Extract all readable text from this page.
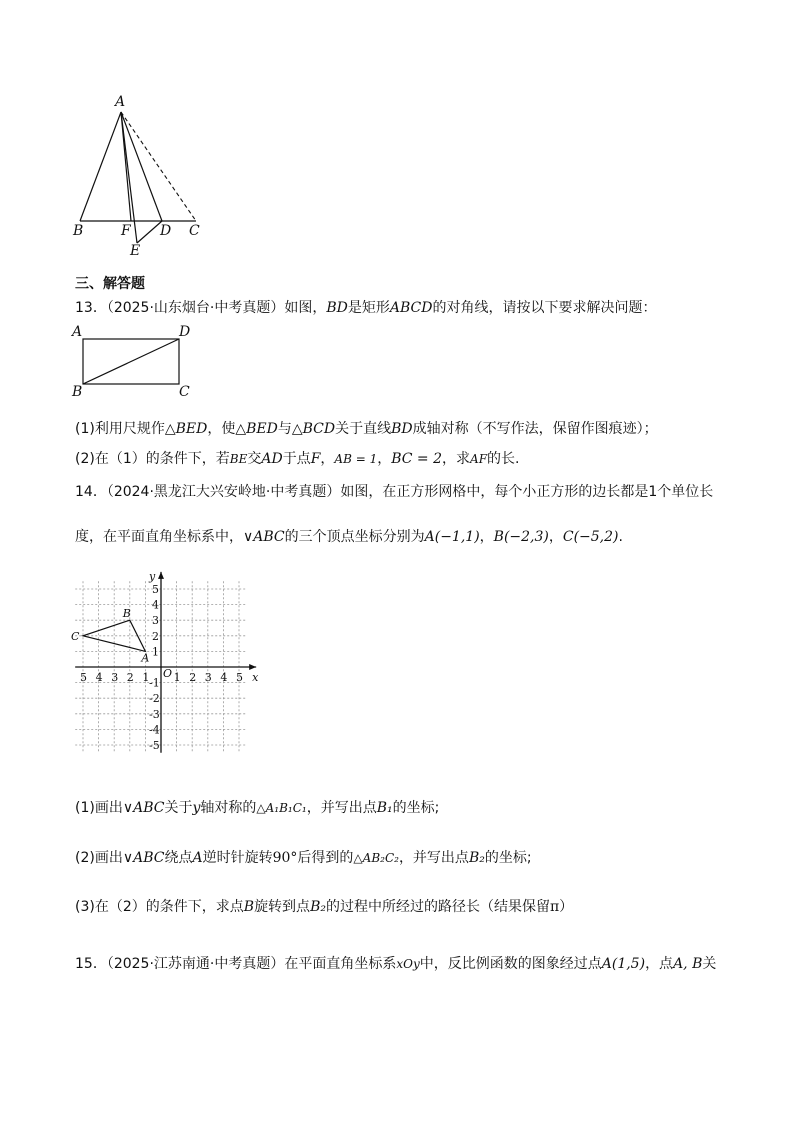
A
B	F D C
E
三、解答题
13．（2025·山东烟台·中考真题）如图，BD是矩形ABCD的对角线，请按以下要求解决问题：
A	D
B	C
(1)利用尺规作△BED，使△BED与△BCD关于直线BD成轴对称（不写作法，保留作图痕迹）；
(2)在（1）的条件下，若BE交AD于点F，AB = 1，BC = 2，求AF的长.
14．（2024·黑龙江大兴安岭地·中考真题）如图，在正方形网格中，每个小正方形的边长都是1个单位长
度，在平面直角坐标系中，∨ABC的三个顶点坐标分别为A(−1,1)，B(−2,3)，C(−5,2).
x
y
O
5 4 3 2 1 1 2 3 4 5
5
4
3
2
1
-1
-2
-3
-4
-5
A
B
C
(1)画出∨ABC关于y轴对称的△A₁B₁C₁，并写出点B₁的坐标;
(2)画出∨ABC绕点A逆时针旋转90°后得到的△AB₂C₂，并写出点B₂的坐标;
(3)在（2）的条件下，求点B旋转到点B₂的过程中所经过的路径长（结果保留π）
15．（2025·江苏南通·中考真题）在平面直角坐标系xOy中，反比例函数的图象经过点A(1,5)，点A, B关
